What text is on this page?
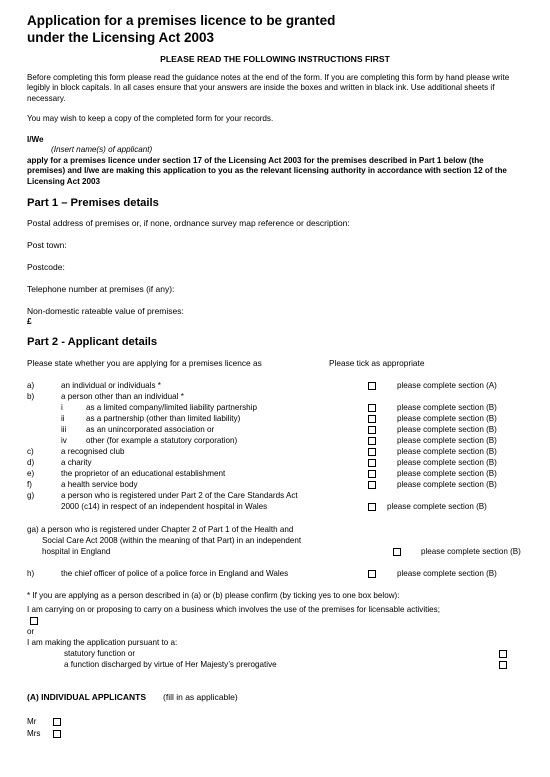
Application for a premises licence to be granted

under the Licensing Act 2003

PLEASE READ THE FOLLOWING INSTRUCTIONS FIRST

Before completing this form please read the guidance notes at the end of the form. If you are completing this form by hand please write legibly in block capitals. In all cases ensure that your answers are inside the boxes and written in black ink. Use additional sheets if necessary.

You may wish to keep a copy of the completed form for your records.

I/We

(Insert name(s) of applicant)

apply for a premises licence under section 17 of the Licensing Act 2003 for the premises described in Part 1 below (the premises) and I/we are making this application to you as the relevant licensing authority in accordance with section 12 of the Licensing Act 2003

Part 1 – Premises details

Postal address of premises or, if none, ordnance survey map reference or description:

Post town:

Postcode:

Telephone number at premises (if any):

Non-domestic rateable value of premises:

£

Part 2 - Applicant details

Please state whether you are applying for a premises licence as	Please tick as appropriate
a)	an individual or individuals *	please complete section (A)
b)	a person other than an individual *
i	as a limited company/limited liability partnership	please complete section (B)
ii	as a partnership (other than limited liability)	please complete section (B)
iii as an unincorporated association or	please complete section (B)
iv other (for example a statutory corporation)	please complete section (B)
c)	a recognised club	please complete section (B)
d)	a charity	please complete section (B)
e)	the proprietor of an educational establishment	please complete section (B)
f)	a health service body	please complete section (B)
g)	a person who is registered under Part 2 of the Care Standards Act
2000 (c14) in respect of an independent hospital in Wales	please complete section (B)
ga) a person who is registered under Chapter 2 of Part 1 of the Health and
Social Care Act 2008 (within the meaning of that Part) in an independent
hospital in England	please complete section (B)
h)	the chief officer of police of a police force in England and Wales	please complete section (B)
* If you are applying as a person described in (a) or (b) please confirm (by ticking yes to one box below):
I am carrying on or proposing to carry on a business which involves the use of the premises for licensable activities;
or
I am making the application pursuant to a:
statutory function or
a function discharged by virtue of Her Majesty’s prerogative
(A) INDIVIDUAL APPLICANTS (fill in as applicable)
Mr
Mrs
